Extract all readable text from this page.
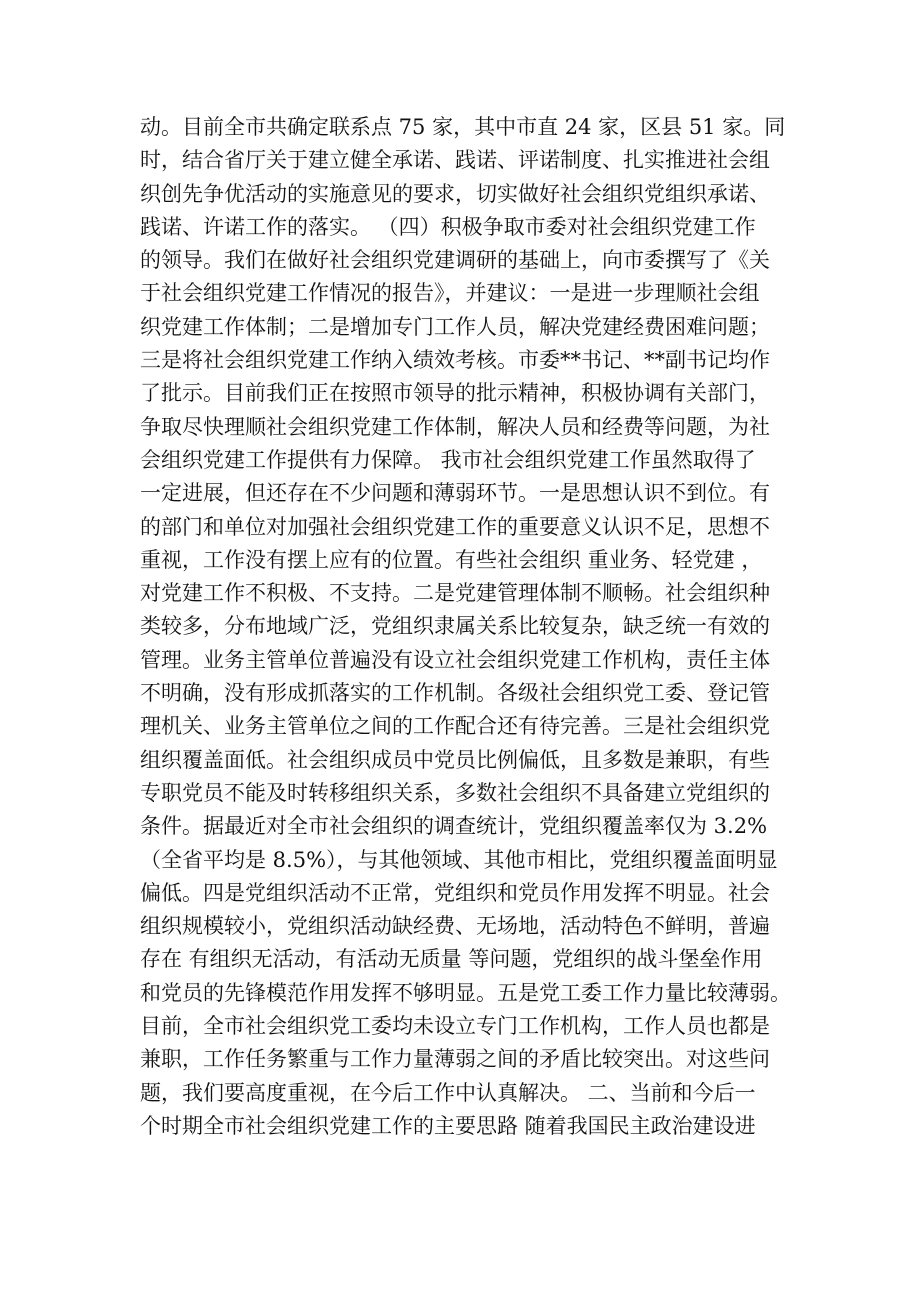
动。目前全市共确定联系点 75 家，其中市直 24 家，区县 51 家。同
时，结合省厅关于建立健全承诺、践诺、评诺制度、扎实推进社会组
织创先争优活动的实施意见的要求，切实做好社会组织党组织承诺、
践诺、许诺工作的落实。 （四）积极争取市委对社会组织党建工作
的领导。我们在做好社会组织党建调研的基础上，向市委撰写了《关
于社会组织党建工作情况的报告》，并建议：一是进一步理顺社会组
织党建工作体制；二是增加专门工作人员，解决党建经费困难问题；
三是将社会组织党建工作纳入绩效考核。市委**书记、**副书记均作
了批示。目前我们正在按照市领导的批示精神，积极协调有关部门，
争取尽快理顺社会组织党建工作体制，解决人员和经费等问题，为社
会组织党建工作提供有力保障。 我市社会组织党建工作虽然取得了
一定进展，但还存在不少问题和薄弱环节。一是思想认识不到位。有
的部门和单位对加强社会组织党建工作的重要意义认识不足，思想不
重视，工作没有摆上应有的位置。有些社会组织 重业务、轻党建 ，
对党建工作不积极、不支持。二是党建管理体制不顺畅。社会组织种
类较多，分布地域广泛，党组织隶属关系比较复杂，缺乏统一有效的
管理。业务主管单位普遍没有设立社会组织党建工作机构，责任主体
不明确，没有形成抓落实的工作机制。各级社会组织党工委、登记管
理机关、业务主管单位之间的工作配合还有待完善。三是社会组织党
组织覆盖面低。社会组织成员中党员比例偏低，且多数是兼职，有些
专职党员不能及时转移组织关系，多数社会组织不具备建立党组织的
条件。据最近对全市社会组织的调查统计，党组织覆盖率仅为 3.2%
（全省平均是 8.5%），与其他领域、其他市相比，党组织覆盖面明显
偏低。四是党组织活动不正常，党组织和党员作用发挥不明显。社会
组织规模较小，党组织活动缺经费、无场地，活动特色不鲜明，普遍
存在 有组织无活动，有活动无质量 等问题，党组织的战斗堡垒作用
和党员的先锋模范作用发挥不够明显。五是党工委工作力量比较薄弱。
目前，全市社会组织党工委均未设立专门工作机构，工作人员也都是
兼职，工作任务繁重与工作力量薄弱之间的矛盾比较突出。对这些问
题，我们要高度重视，在今后工作中认真解决。 二、当前和今后一
个时期全市社会组织党建工作的主要思路 随着我国民主政治建设进
